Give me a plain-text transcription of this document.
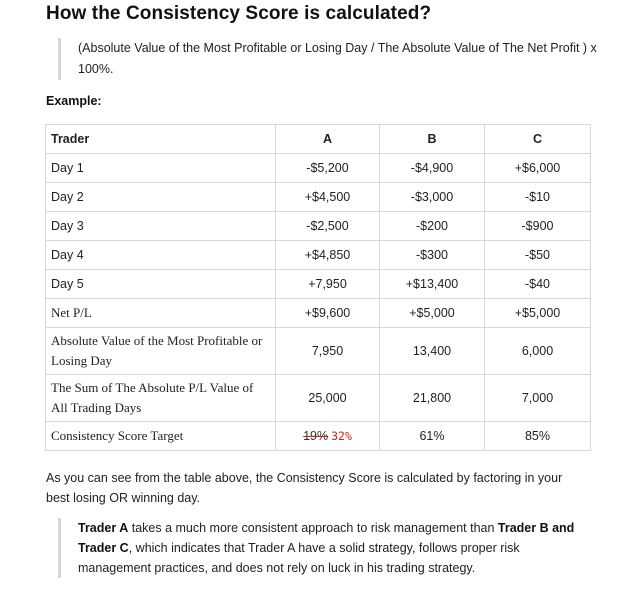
How the Consistency Score is calculated?
(Absolute Value of the Most Profitable or Losing Day / The Absolute Value of The Net Profit ) x 100%.
Example:
Trader	A	B	C
Day 1	-$5,200	-$4,900	+$6,000
Day 2	+$4,500	-$3,000	-$10
Day 3	-$2,500	-$200	-$900
Day 4	+$4,850	-$300	-$50
Day 5	+7,950	+$13,400	-$40
Net P/L	+$9,600	+$5,000	+$5,000
Absolute Value of the Most Profitable or Losing Day	7,950	13,400	6,000
The Sum of The Absolute P/L Value of All Trading Days	25,000	21,800	7,000
Consistency Score Target	19% 32%	61%	85%
As you can see from the table above, the Consistency Score is calculated by factoring in your best losing OR winning day.
Trader A takes a much more consistent approach to risk management than Trader B and Trader C, which indicates that Trader A have a solid strategy, follows proper risk management practices, and does not rely on luck in his trading strategy.
